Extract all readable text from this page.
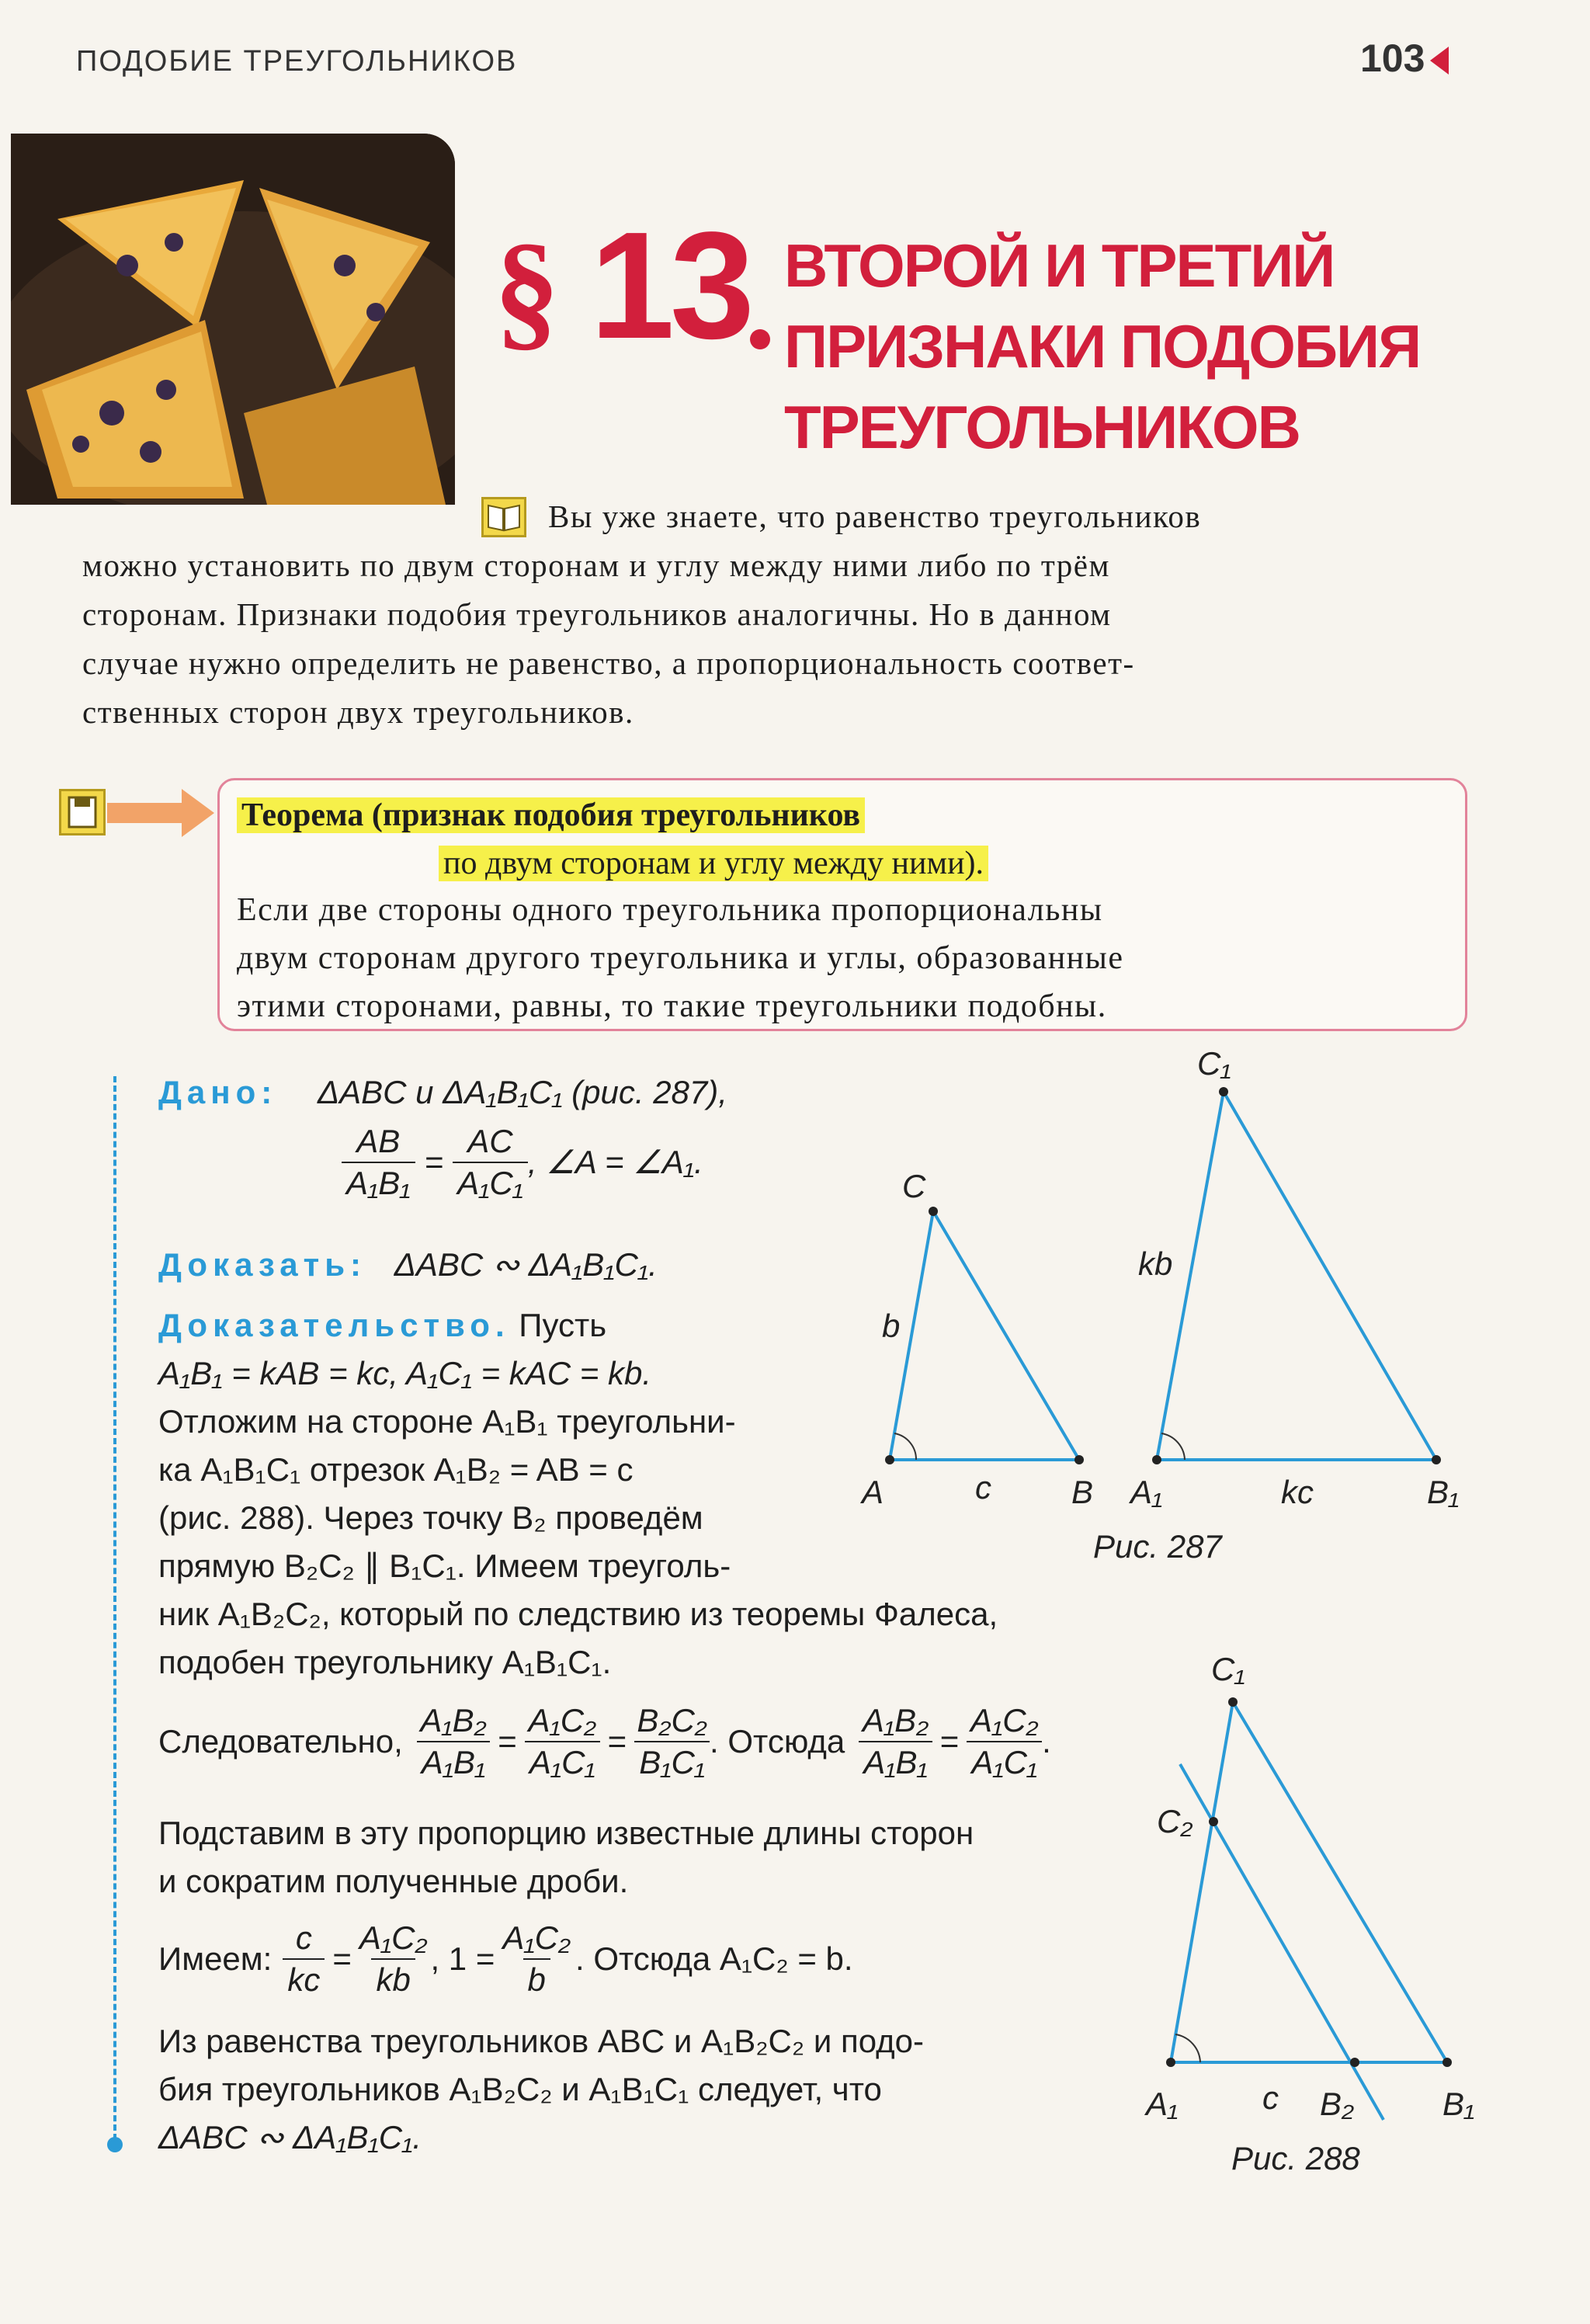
ПОДОБИЕ ТРЕУГОЛЬНИКОВ	103
§ 13 ВТОРОЙ И ТРЕТИЙ
ПРИЗНАКИ ПОДОБИЯ
ТРЕУГОЛЬНИКОВ
Вы уже знаете, что равенство треугольников
можно установить по двум сторонам и углу между ними либо по трём
сторонам. Признаки подобия треугольников аналогичны. Но в данном
случае нужно определить не равенство, а пропорциональность соответ-
ственных сторон двух треугольников.
Теорема (признак подобия треугольников
по двум сторонам и углу между ними).
Если две стороны одного треугольника пропорциональны
двум сторонам другого треугольника и углы, образованные
этими сторонами, равны, то такие треугольники подобны.
Дано: ΔABC и ΔA₁B₁C₁ (рис. 287),
$\frac{AB}{\text{A₁B₁}} = \frac{AC}{\text{A₁C₁}}$ , ∠A = ∠A₁.
Доказать: ΔABC ∾ ΔA₁B₁C₁.
Доказательство. Пусть
A₁B₁ = kAB = kc, A₁C₁ = kAC = kb.
Отложим на стороне A₁B₁ треугольни-
ка A₁B₁C₁ отрезок A₁B₂ = AB = c
(рис. 288). Через точку B₂ проведём
прямую B₂C₂ ∥ B₁C₁. Имеем треуголь-
ник A₁B₂C₂, который по следствию из теоремы Фалеса,
подобен треугольнику A₁B₁C₁.
Следовательно, $\frac{\text{A₁B₂}}{\text{A₁B₁}} = \frac{\text{A₁C₂}}{\text{A₁C₁}} = \frac{\text{B₂C₂}}{\text{B₁C₁}}$ . Отсюда $\frac{\text{A₁B₂}}{\text{A₁B₁}} = \frac{\text{A₁C₂}}{\text{A₁C₁}}$ .
Подставим в эту пропорцию известные длины сторон
и сократим полученные дроби.
Имеем: $\frac{c}{kc} = \frac{\text{A₁C₂}}{kb}$ , $1 = \frac{\text{A₁C₂}}{b}$ . Отсюда A₁C₂ = b.
Из равенства треугольников ABC и A₁B₂C₂ и подо-
бия треугольников A₁B₂C₂ и A₁B₁C₁ следует, что
ΔABC ∾ ΔA₁B₁C₁.
A	B
C
b
c	A₁	B₁
C₁
kb
kc
Рис. 287
A₁	B₁
C₁
C₂
B₂
c
Рис. 288
